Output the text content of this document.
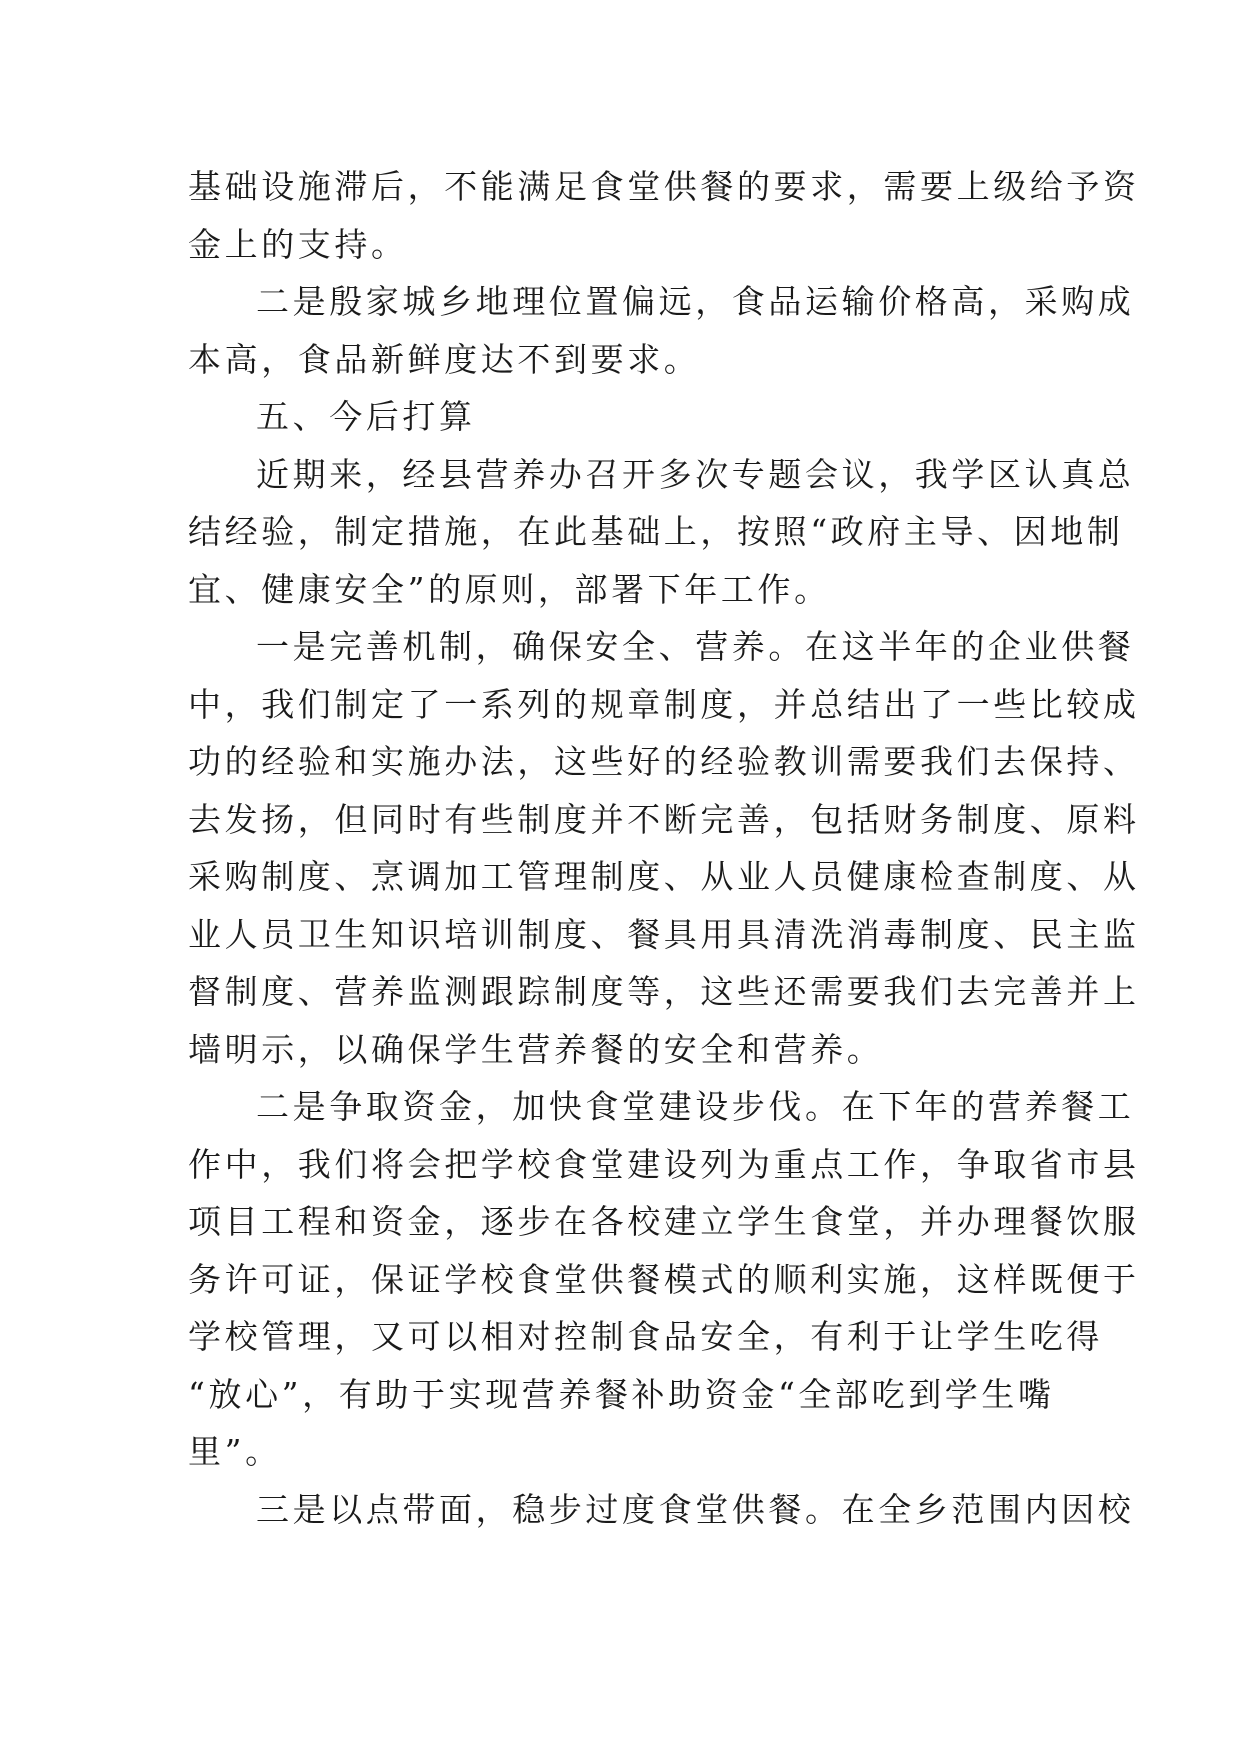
基础设施滞后，不能满足食堂供餐的要求，需要上级给予资
金上的支持。
二是殷家城乡地理位置偏远，食品运输价格高，采购成
本高，食品新鲜度达不到要求。
五、今后打算
近期来，经县营养办召开多次专题会议，我学区认真总
结经验，制定措施，在此基础上，按照“政府主导、因地制
宜、健康安全”的原则，部署下年工作。
一是完善机制，确保安全、营养。在这半年的企业供餐
中，我们制定了一系列的规章制度，并总结出了一些比较成
功的经验和实施办法，这些好的经验教训需要我们去保持、
去发扬，但同时有些制度并不断完善，包括财务制度、原料
采购制度、烹调加工管理制度、从业人员健康检查制度、从
业人员卫生知识培训制度、餐具用具清洗消毒制度、民主监
督制度、营养监测跟踪制度等，这些还需要我们去完善并上
墙明示，以确保学生营养餐的安全和营养。
二是争取资金，加快食堂建设步伐。在下年的营养餐工
作中，我们将会把学校食堂建设列为重点工作，争取省市县
项目工程和资金，逐步在各校建立学生食堂，并办理餐饮服
务许可证，保证学校食堂供餐模式的顺利实施，这样既便于
学校管理，又可以相对控制食品安全，有利于让学生吃得
“放心”，有助于实现营养餐补助资金“全部吃到学生嘴
里”。
三是以点带面，稳步过度食堂供餐。在全乡范围内因校
